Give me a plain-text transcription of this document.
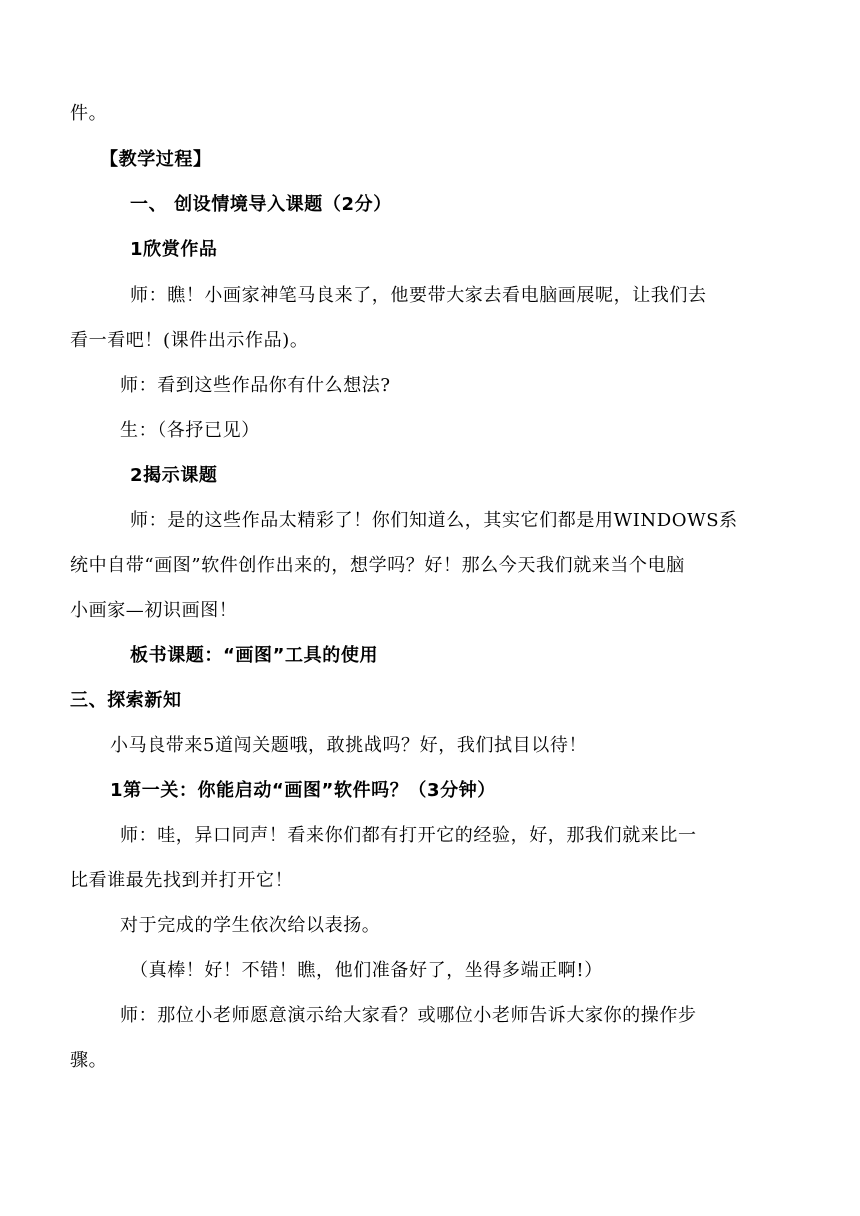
件。
【教学过程】
一、 创设情境导入课题（2分）
1欣赏作品
师：瞧！小画家神笔马良来了，他要带大家去看电脑画展呢，让我们去
看一看吧！(课件出示作品)。
师：看到这些作品你有什么想法?
生：（各抒已见）
2揭示课题
师：是的这些作品太精彩了！你们知道么，其实它们都是用WINDOWS系
统中自带“画图”软件创作出来的，想学吗？好！那么今天我们就来当个电脑
小画家—初识画图！
板书课题：“画图”工具的使用
三、探索新知
小马良带来5道闯关题哦，敢挑战吗？好，我们拭目以待！
1第一关：你能启动“画图”软件吗？（3分钟）
师：哇，异口同声！看来你们都有打开它的经验，好，那我们就来比一
比看谁最先找到并打开它！
对于完成的学生依次给以表扬。
（真棒！好！不错！瞧，他们准备好了，坐得多端正啊!）
师：那位小老师愿意演示给大家看？或哪位小老师告诉大家你的操作步
骤。
